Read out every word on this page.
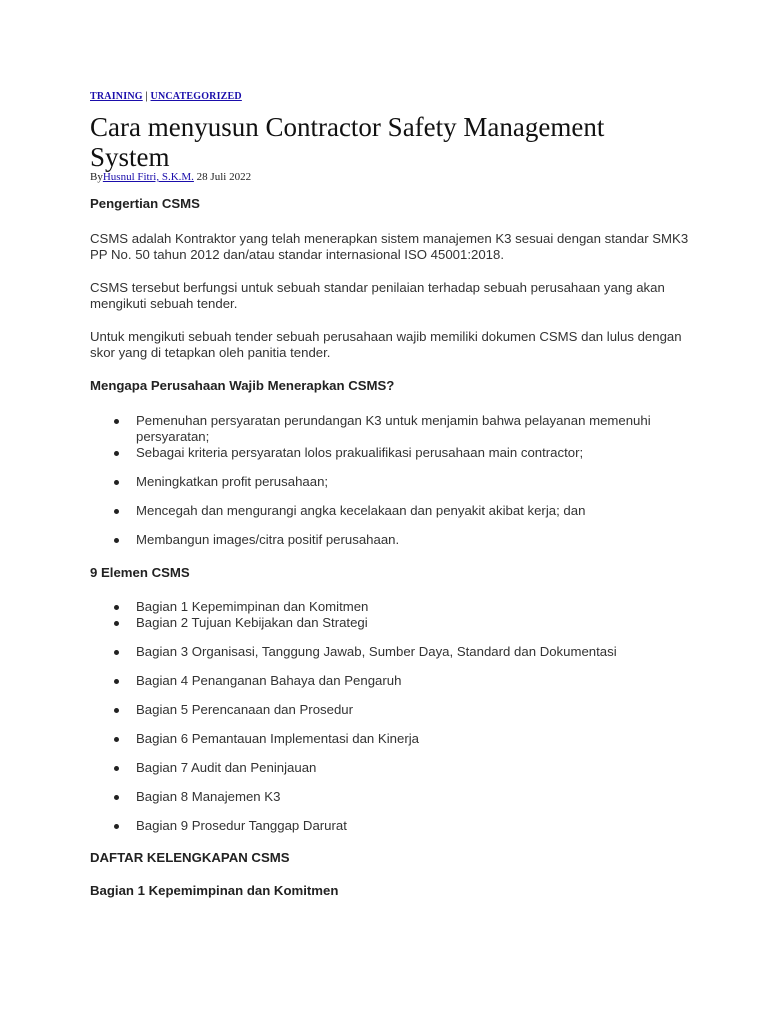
TRAINING | UNCATEGORIZED
Cara menyusun Contractor Safety Management System
ByHusnul Fitri, S.K.M. 28 Juli 2022

Pengertian CSMS

CSMS adalah Kontraktor yang telah menerapkan sistem manajemen K3 sesuai dengan standar SMK3 PP No. 50 tahun 2012 dan/atau standar internasional ISO 45001:2018.

CSMS tersebut berfungsi untuk sebuah standar penilaian terhadap sebuah perusahaan yang akan mengikuti sebuah tender.

Untuk mengikuti sebuah tender sebuah perusahaan wajib memiliki dokumen CSMS dan lulus dengan skor yang di tetapkan oleh panitia tender.

Mengapa Perusahaan Wajib Menerapkan CSMS?

Pemenuhan persyaratan perundangan K3 untuk menjamin bahwa pelayanan memenuhi persyaratan;
Sebagai kriteria persyaratan lolos prakualifikasi perusahaan main contractor;
Meningkatkan profit perusahaan;
Mencegah dan mengurangi angka kecelakaan dan penyakit akibat kerja; dan
Membangun images/citra positif perusahaan.

9 Elemen CSMS

Bagian 1 Kepemimpinan dan Komitmen
Bagian 2 Tujuan Kebijakan dan Strategi
Bagian 3 Organisasi, Tanggung Jawab, Sumber Daya, Standard dan Dokumentasi
Bagian 4 Penanganan Bahaya dan Pengaruh
Bagian 5 Perencanaan dan Prosedur
Bagian 6 Pemantauan Implementasi dan Kinerja
Bagian 7 Audit dan Peninjauan
Bagian 8 Manajemen K3
Bagian 9 Prosedur Tanggap Darurat

DAFTAR KELENGKAPAN CSMS

Bagian 1 Kepemimpinan dan Komitmen
